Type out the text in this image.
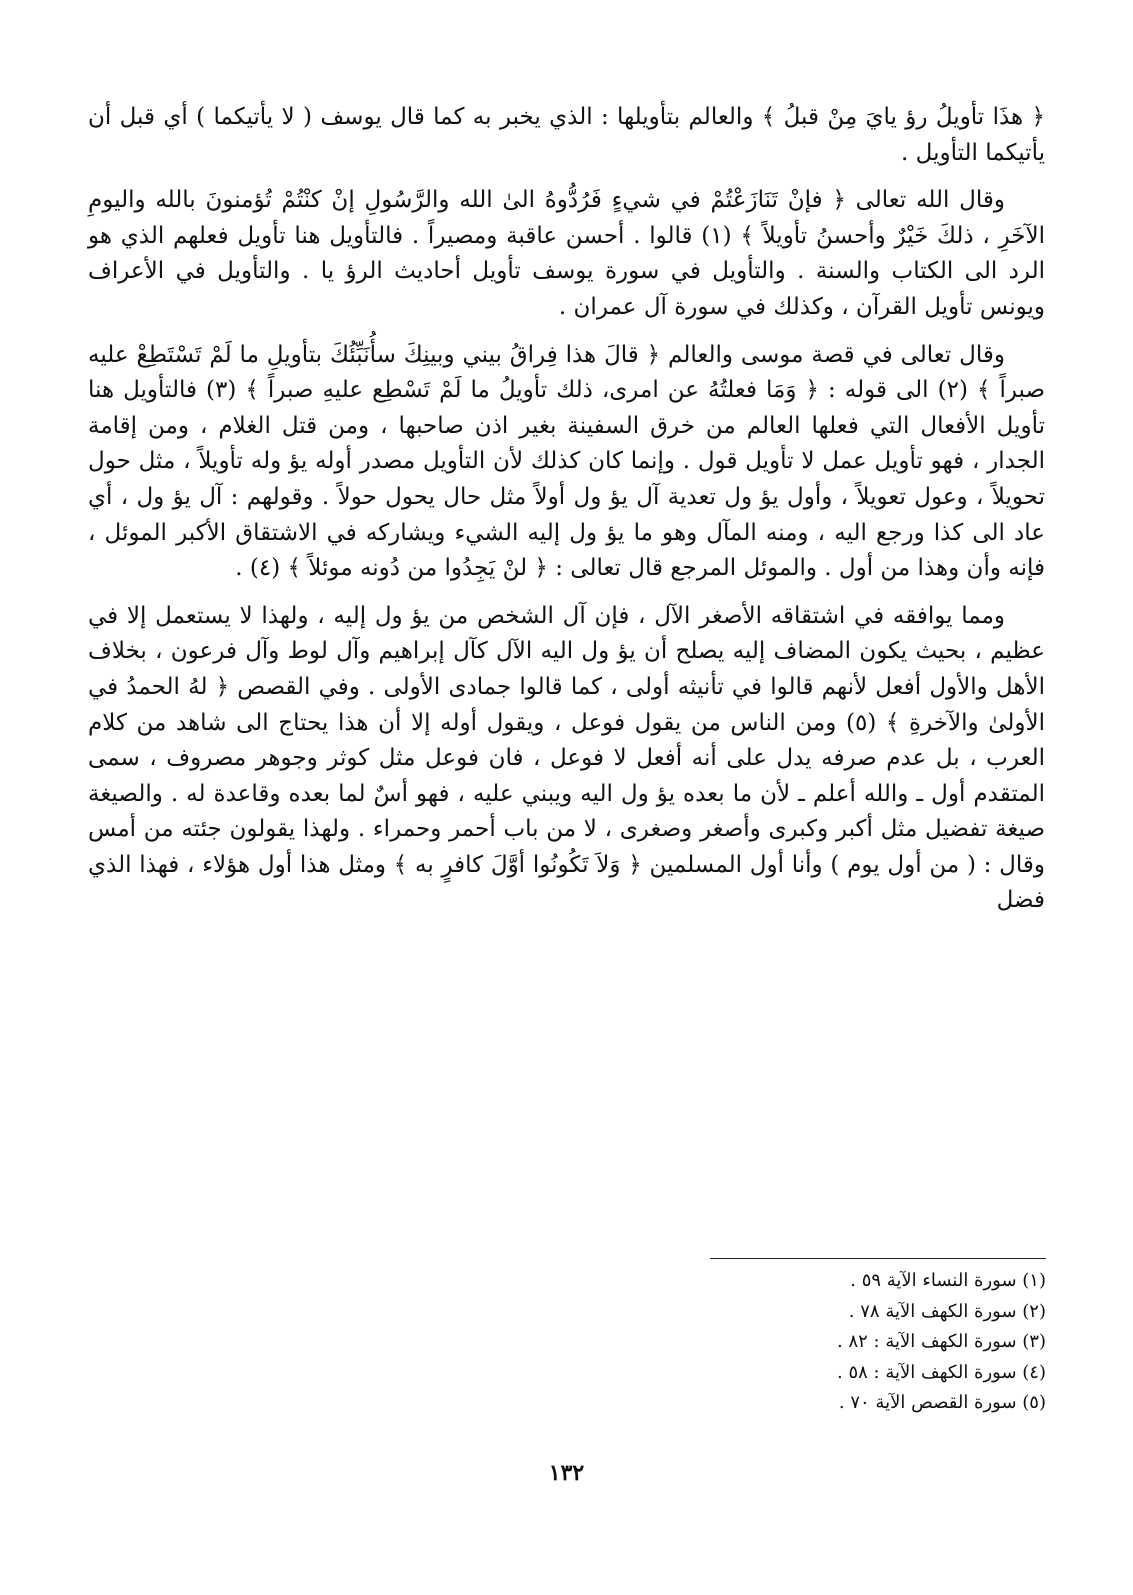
﴿ هذَا تأويلُ رؤ يايَ مِنْ قبلُ ﴾ والعالم بتأويلها : الذي يخبر به كما قال يوسف ( لا يأتيكما ) أي قبل أن يأتيكما التأويل .

وقال الله تعالى ﴿ فإنْ تَنَازَعْتُمْ في شيءٍ فَرُدُّوهُ الىٰ الله والرَّسُولِ إنْ كنْتُمْ تُؤمنونَ بالله واليومِ الآخَرِ ، ذلكَ خَيْرٌ وأحسنُ تأويلاً ﴾ (١) قالوا . أحسن عاقبة ومصيراً . فالتأويل هنا تأويل فعلهم الذي هو الرد الى الكتاب والسنة . والتأويل في سورة يوسف تأويل أحاديث الرؤ يا . والتأويل في الأعراف ويونس تأويل القرآن ، وكذلك في سورة آل عمران .

وقال تعالى في قصة موسى والعالم ﴿ قالَ هذا فِراقُ بيني وبينِكَ سأُنَبِّئُكَ بتأويلِ ما لَمْ تَسْتَطِعْ عليه صبراً ﴾ (٢) الى قوله : ﴿ وَمَا فعلتُهُ عن امرى، ذلك تأويلُ ما لَمْ تَسْطِع عليهِ صبراً ﴾ (٣) فالتأويل هنا تأويل الأفعال التي فعلها العالم من خرق السفينة بغير اذن صاحبها ، ومن قتل الغلام ، ومن إقامة الجدار ، فهو تأويل عمل لا تأويل قول . وإنما كان كذلك لأن التأويل مصدر أوله يؤ وله تأويلاً ، مثل حول تحويلاً ، وعول تعويلاً ، وأول يؤ ول تعدية آل يؤ ول أولاً مثل حال يحول حولاً . وقولهم : آل يؤ ول ، أي عاد الى كذا ورجع اليه ، ومنه المآل وهو ما يؤ ول إليه الشيء ويشاركه في الاشتقاق الأكبر الموئل ، فإنه وأن وهذا من أول . والموئل المرجع قال تعالى : ﴿ لنْ يَجِدُوا من دُونه موئلاً ﴾ (٤) .

ومما يوافقه في اشتقاقه الأصغر الآل ، فإن آل الشخص من يؤ ول إليه ، ولهذا لا يستعمل إلا في عظيم ، بحيث يكون المضاف إليه يصلح أن يؤ ول اليه الآل كآل إبراهيم وآل لوط وآل فرعون ، بخلاف الأهل والأول أفعل لأنهم قالوا في تأنيثه أولى ، كما قالوا جمادى الأولى . وفي القصص ﴿ لهُ الحمدُ في الأولىٰ والآخرةِ ﴾ (٥) ومن الناس من يقول فوعل ، ويقول أوله إلا أن هذا يحتاج الى شاهد من كلام العرب ، بل عدم صرفه يدل على أنه أفعل لا فوعل ، فان فوعل مثل كوثر وجوهر مصروف ، سمى المتقدم أول ـ والله أعلم ـ لأن ما بعده يؤ ول اليه ويبني عليه ، فهو أسٌ لما بعده وقاعدة له . والصيغة صيغة تفضيل مثل أكبر وكبرى وأصغر وصغرى ، لا من باب أحمر وحمراء . ولهذا يقولون جئته من أمس وقال : ( من أول يوم ) وأنا أول المسلمين ﴿ وَلاَ تَكُونُوا أوَّلَ كافرٍ به ﴾ ومثل هذا أول هؤلاء ، فهذا الذي فضل

(١) سورة النساء الآية ٥٩ .
(٢) سورة الكهف الآية ٧٨ .
(٣) سورة الكهف الآية : ٨٢ .
(٤) سورة الكهف الآية : ٥٨ .
(٥) سورة القصص الآية ٧٠ .
١٣٢
